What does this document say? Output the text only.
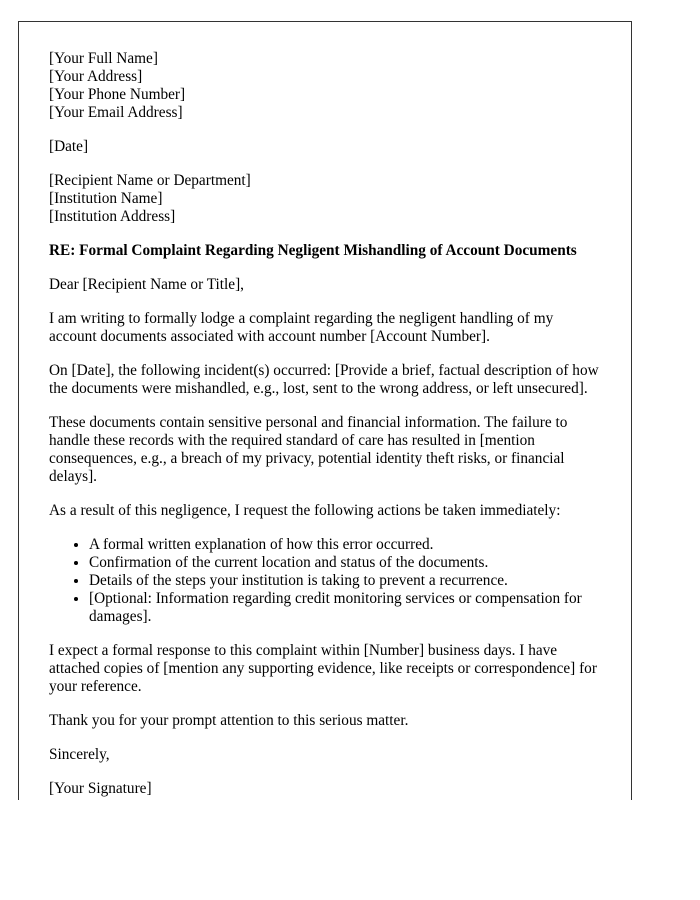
[Your Full Name]
[Your Address]
[Your Phone Number]
[Your Email Address]
[Date]
[Recipient Name or Department]
[Institution Name]
[Institution Address]
RE: Formal Complaint Regarding Negligent Mishandling of Account Documents

Dear [Recipient Name or Title],

I am writing to formally lodge a complaint regarding the negligent handling of my account documents associated with account number [Account Number].

On [Date], the following incident(s) occurred: [Provide a brief, factual description of how the documents were mishandled, e.g., lost, sent to the wrong address, or left unsecured].

These documents contain sensitive personal and financial information. The failure to handle these records with the required standard of care has resulted in [mention consequences, e.g., a breach of my privacy, potential identity theft risks, or financial delays].

As a result of this negligence, I request the following actions be taken immediately:

• A formal written explanation of how this error occurred.
• Confirmation of the current location and status of the documents.
• Details of the steps your institution is taking to prevent a recurrence.
• [Optional: Information regarding credit monitoring services or compensation for damages].

I expect a formal response to this complaint within [Number] business days. I have attached copies of [mention any supporting evidence, like receipts or correspondence] for your reference.

Thank you for your prompt attention to this serious matter.

Sincerely,

[Your Signature]
